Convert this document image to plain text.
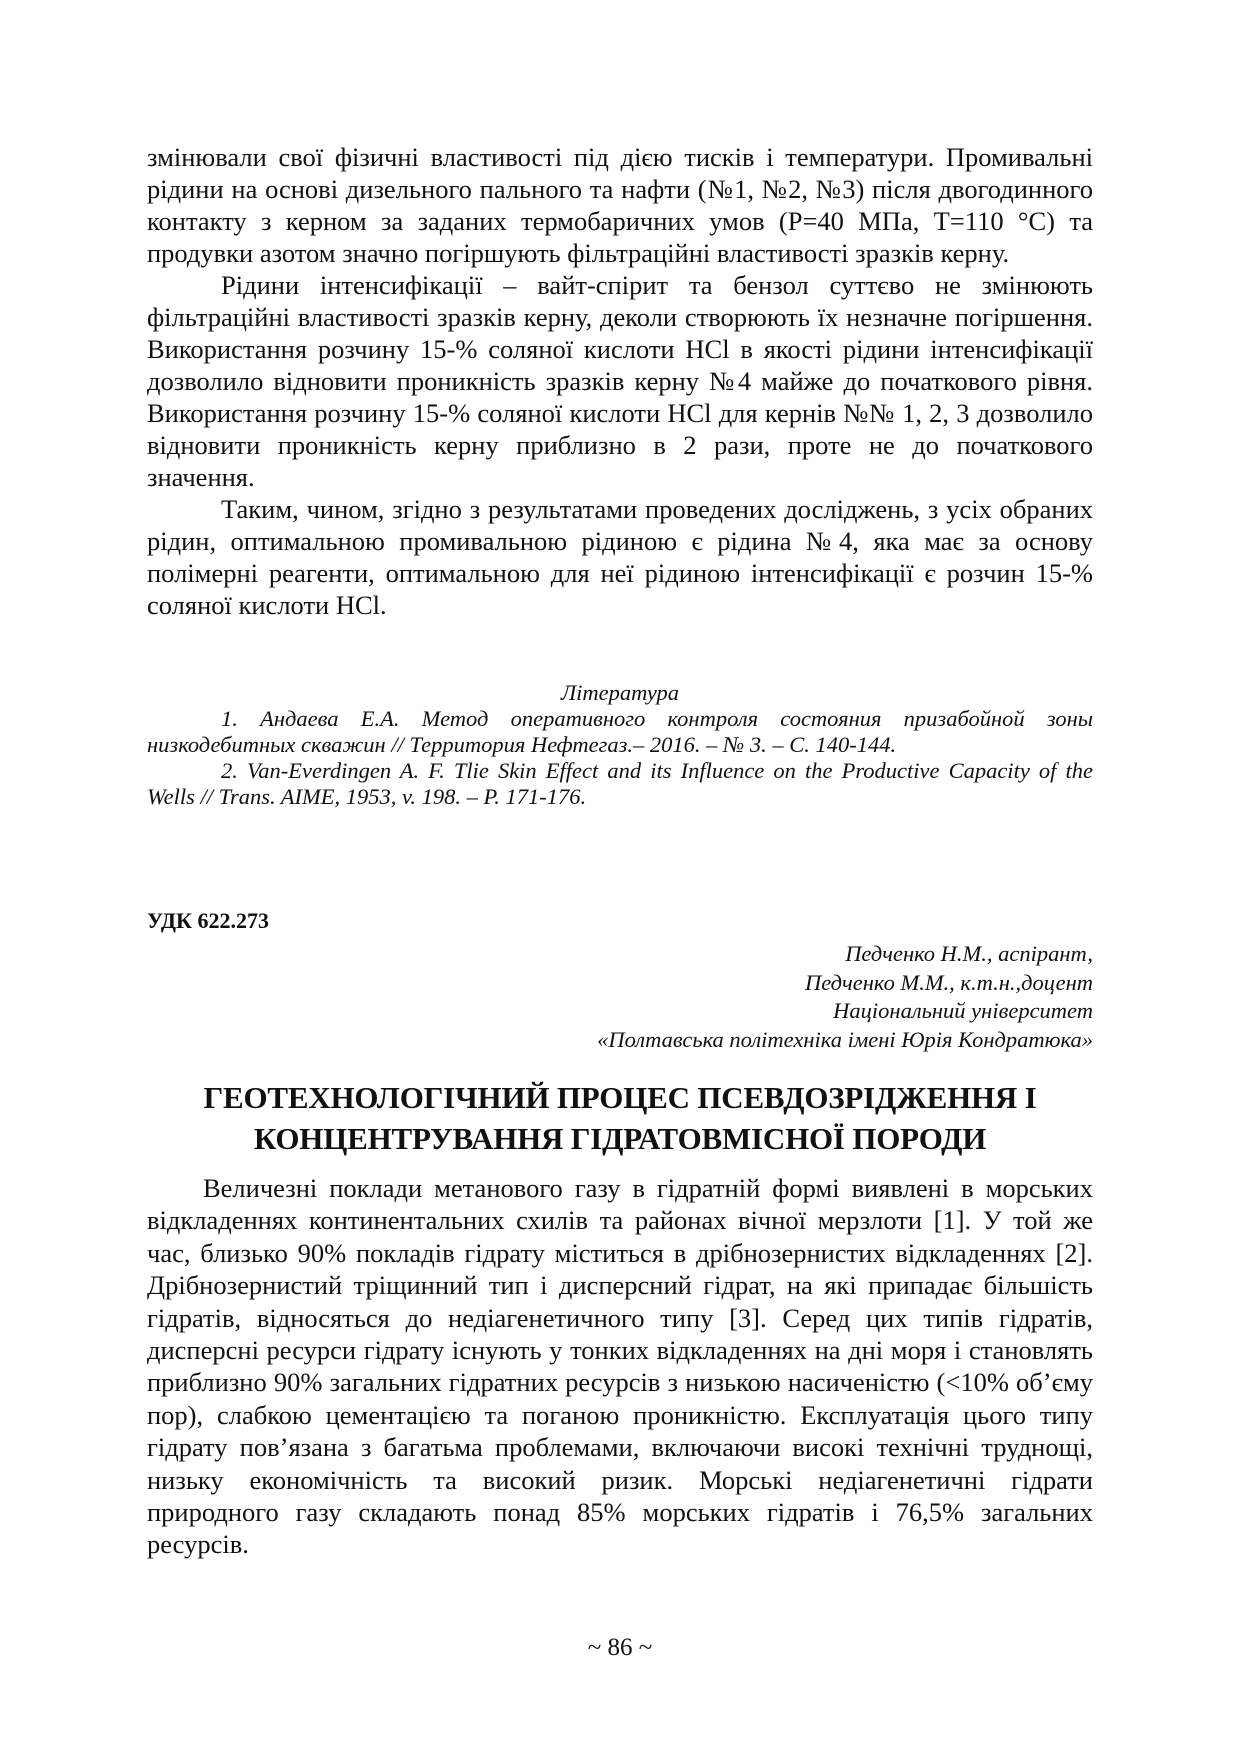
змінювали свої фізичні властивості під дією тисків і температури. Промивальні рідини на основі дизельного пального та нафти (№1, №2, №3) після двогодинного контакту з керном за заданих термобаричних умов (Р=40 МПа, Т=110 °С) та продувки азотом значно погіршують фільтраційні властивості зразків керну.

Рідини інтенсифікації – вайт-спірит та бензол суттєво не змінюють фільтраційні властивості зразків керну, деколи створюють їх незначне погіршення. Використання розчину 15-% соляної кислоти НСl в якості рідини інтенсифікації дозволило відновити проникність зразків керну №4 майже до початкового рівня. Використання розчину 15-% соляної кислоти НСl для кернів №№ 1, 2, 3 дозволило відновити проникність керну приблизно в 2 рази, проте не до початкового значення.

Таким, чином, згідно з результатами проведених досліджень, з усіх обраних рідин, оптимальною промивальною рідиною є рідина №4, яка має за основу полімерні реагенти, оптимальною для неї рідиною інтенсифікації є розчин 15-% соляної кислоти НСl.

Література

1. Андаева Е.А. Метод оперативного контроля состояния призабойной зоны низкодебитных скважин // Территория Нефтегаз.– 2016. – № 3. – С. 140-144.

2. Van-Everdingen A. F. Tlie Skin Effect and its Influence on the Productive Capacity of the Wells // Trans. AIME, 1953, v. 198. – P. 171-176.

УДК 622.273
Педченко Н.М., аспірант,
Педченко М.М., к.т.н.,доцент
Національний університет
«Полтавська політехніка імені Юрія Кондратюка»
ГЕОТЕХНОЛОГІЧНИЙ ПРОЦЕС ПСЕВДОЗРІДЖЕННЯ І
КОНЦЕНТРУВАННЯ ГІДРАТОВМІСНОЇ ПОРОДИ

Величезні поклади метанового газу в гідратній формі виявлені в морських відкладеннях континентальних схилів та районах вічної мерзлоти [1]. У той же час, близько 90% покладів гідрату міститься в дрібнозернистих відкладеннях [2]. Дрібнозернистий тріщинний тип і дисперсний гідрат, на які припадає більшість гідратів, відносяться до недіагенетичного типу [3]. Серед цих типів гідратів, дисперсні ресурси гідрату існують у тонких відкладеннях на дні моря і становлять приблизно 90% загальних гідратних ресурсів з низькою насиченістю (<10% об’єму пор), слабкою цементацією та поганою проникністю. Експлуатація цього типу гідрату пов’язана з багатьма проблемами, включаючи високі технічні труднощі, низьку економічність та високий ризик. Морські недіагенетичні гідрати природного газу складають понад 85% морських гідратів і 76,5% загальних ресурсів.

~ 86 ~
